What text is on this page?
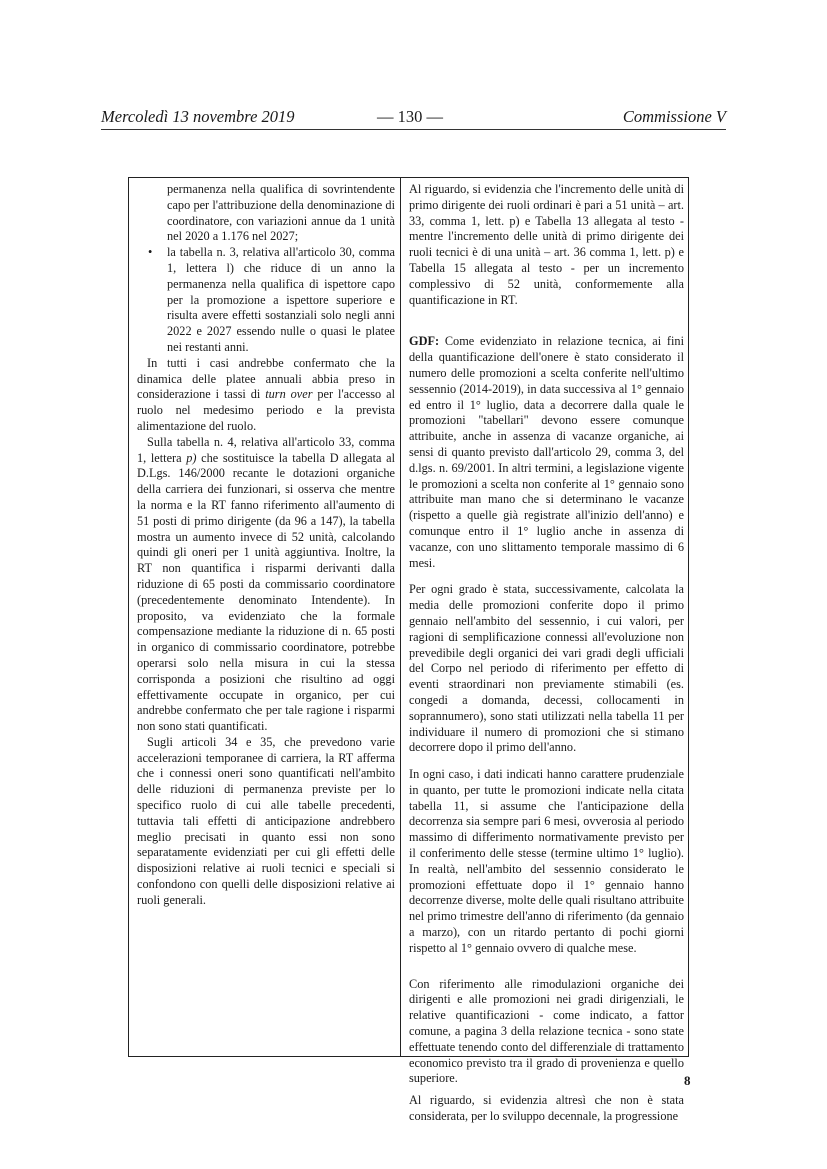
Mercoledì 13 novembre 2019	— 130 —	Commissione V

permanenza nella qualifica di sovrintendente capo per l'attribuzione della denominazione di coordinatore, con variazioni annue da 1 unità nel 2020 a 1.176 nel 2027;

• la tabella n. 3, relativa all'articolo 30, comma 1, lettera l) che riduce di un anno la permanenza nella qualifica di ispettore capo per la promozione a ispettore superiore e risulta avere effetti sostanziali solo negli anni 2022 e 2027 essendo nulle o quasi le platee nei restanti anni.

In tutti i casi andrebbe confermato che la dinamica delle platee annuali abbia preso in considerazione i tassi di turn over per l'accesso al ruolo nel medesimo periodo e la prevista alimentazione del ruolo.

Sulla tabella n. 4, relativa all'articolo 33, comma 1, lettera p) che sostituisce la tabella D allegata al D.Lgs. 146/2000 recante le dotazioni organiche della carriera dei funzionari, si osserva che mentre la norma e la RT fanno riferimento all'aumento di 51 posti di primo dirigente (da 96 a 147), la tabella mostra un aumento invece di 52 unità, calcolando quindi gli oneri per 1 unità aggiuntiva. Inoltre, la RT non quantifica i risparmi derivanti dalla riduzione di 65 posti da commissario coordinatore (precedentemente denominato Intendente). In proposito, va evidenziato che la formale compensazione mediante la riduzione di n. 65 posti in organico di commissario coordinatore, potrebbe operarsi solo nella misura in cui la stessa corrisponda a posizioni che risultino ad oggi effettivamente occupate in organico, per cui andrebbe confermato che per tale ragione i risparmi non sono stati quantificati.

Sugli articoli 34 e 35, che prevedono varie accelerazioni temporanee di carriera, la RT afferma che i connessi oneri sono quantificati nell'ambito delle riduzioni di permanenza previste per lo specifico ruolo di cui alle tabelle precedenti, tuttavia tali effetti di anticipazione andrebbero meglio precisati in quanto essi non sono separatamente evidenziati per cui gli effetti delle disposizioni relative ai ruoli tecnici e speciali si confondono con quelli delle disposizioni relative ai ruoli generali.

Al riguardo, si evidenzia che l'incremento delle unità di primo dirigente dei ruoli ordinari è pari a 51 unità – art. 33, comma 1, lett. p) e Tabella 13 allegata al testo - mentre l'incremento delle unità di primo dirigente dei ruoli tecnici è di una unità – art. 36 comma 1, lett. p) e Tabella 15 allegata al testo - per un incremento complessivo di 52 unità, conformemente alla quantificazione in RT.

GDF: Come evidenziato in relazione tecnica, ai fini della quantificazione dell'onere è stato considerato il numero delle promozioni a scelta conferite nell'ultimo sessennio (2014-2019), in data successiva al 1° gennaio ed entro il 1° luglio, data a decorrere dalla quale le promozioni "tabellari" devono essere comunque attribuite, anche in assenza di vacanze organiche, ai sensi di quanto previsto dall'articolo 29, comma 3, del d.lgs. n. 69/2001. In altri termini, a legislazione vigente le promozioni a scelta non conferite al 1° gennaio sono attribuite man mano che si determinano le vacanze (rispetto a quelle già registrate all'inizio dell'anno) e comunque entro il 1° luglio anche in assenza di vacanze, con uno slittamento temporale massimo di 6 mesi.

Per ogni grado è stata, successivamente, calcolata la media delle promozioni conferite dopo il primo gennaio nell'ambito del sessennio, i cui valori, per ragioni di semplificazione connessi all'evoluzione non prevedibile degli organici dei vari gradi degli ufficiali del Corpo nel periodo di riferimento per effetto di eventi straordinari non previamente stimabili (es. congedi a domanda, decessi, collocamenti in soprannumero), sono stati utilizzati nella tabella 11 per individuare il numero di promozioni che si stimano decorrere dopo il primo dell'anno.

In ogni caso, i dati indicati hanno carattere prudenziale in quanto, per tutte le promozioni indicate nella citata tabella 11, si assume che l'anticipazione della decorrenza sia sempre pari 6 mesi, ovverosia al periodo massimo di differimento normativamente previsto per il conferimento delle stesse (termine ultimo 1° luglio). In realtà, nell'ambito del sessennio considerato le promozioni effettuate dopo il 1° gennaio hanno decorrenze diverse, molte delle quali risultano attribuite nel primo trimestre dell'anno di riferimento (da gennaio a marzo), con un ritardo pertanto di pochi giorni rispetto al 1° gennaio ovvero di qualche mese.

Con riferimento alle rimodulazioni organiche dei dirigenti e alle promozioni nei gradi dirigenziali, le relative quantificazioni - come indicato, a fattor comune, a pagina 3 della relazione tecnica - sono state effettuate tenendo conto del differenziale di trattamento economico previsto tra il grado di provenienza e quello superiore.

Al riguardo, si evidenzia altresì che non è stata considerata, per lo sviluppo decennale, la progressione

8
